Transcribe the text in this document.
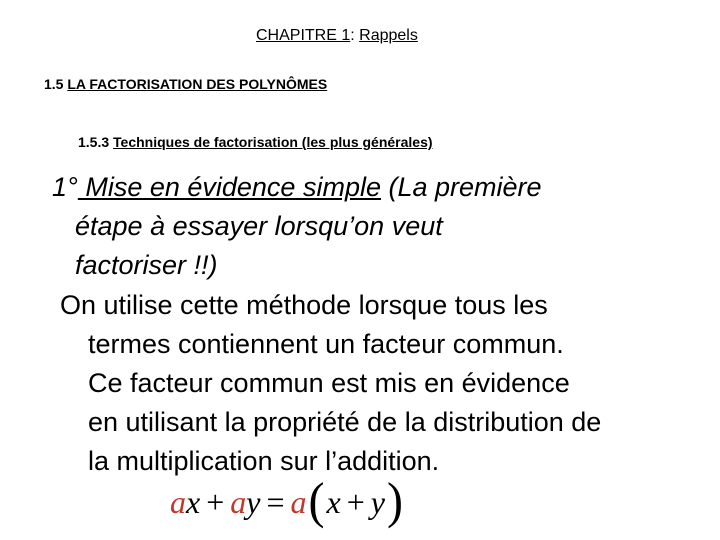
CHAPITRE 1: Rappels
1.5 LA FACTORISATION DES POLYNÔMES
1.5.3 Techniques de factorisation (les plus générales)
1° Mise en évidence simple (La première
étape à essayer lorsqu’on veut
factoriser !!)
On utilise cette méthode lorsque tous les
termes contiennent un facteur commun.
Ce facteur commun est mis en évidence
en utilisant la propriété de la distribution de
la multiplication sur l’addition.
a x + a y = a ( x + y )
